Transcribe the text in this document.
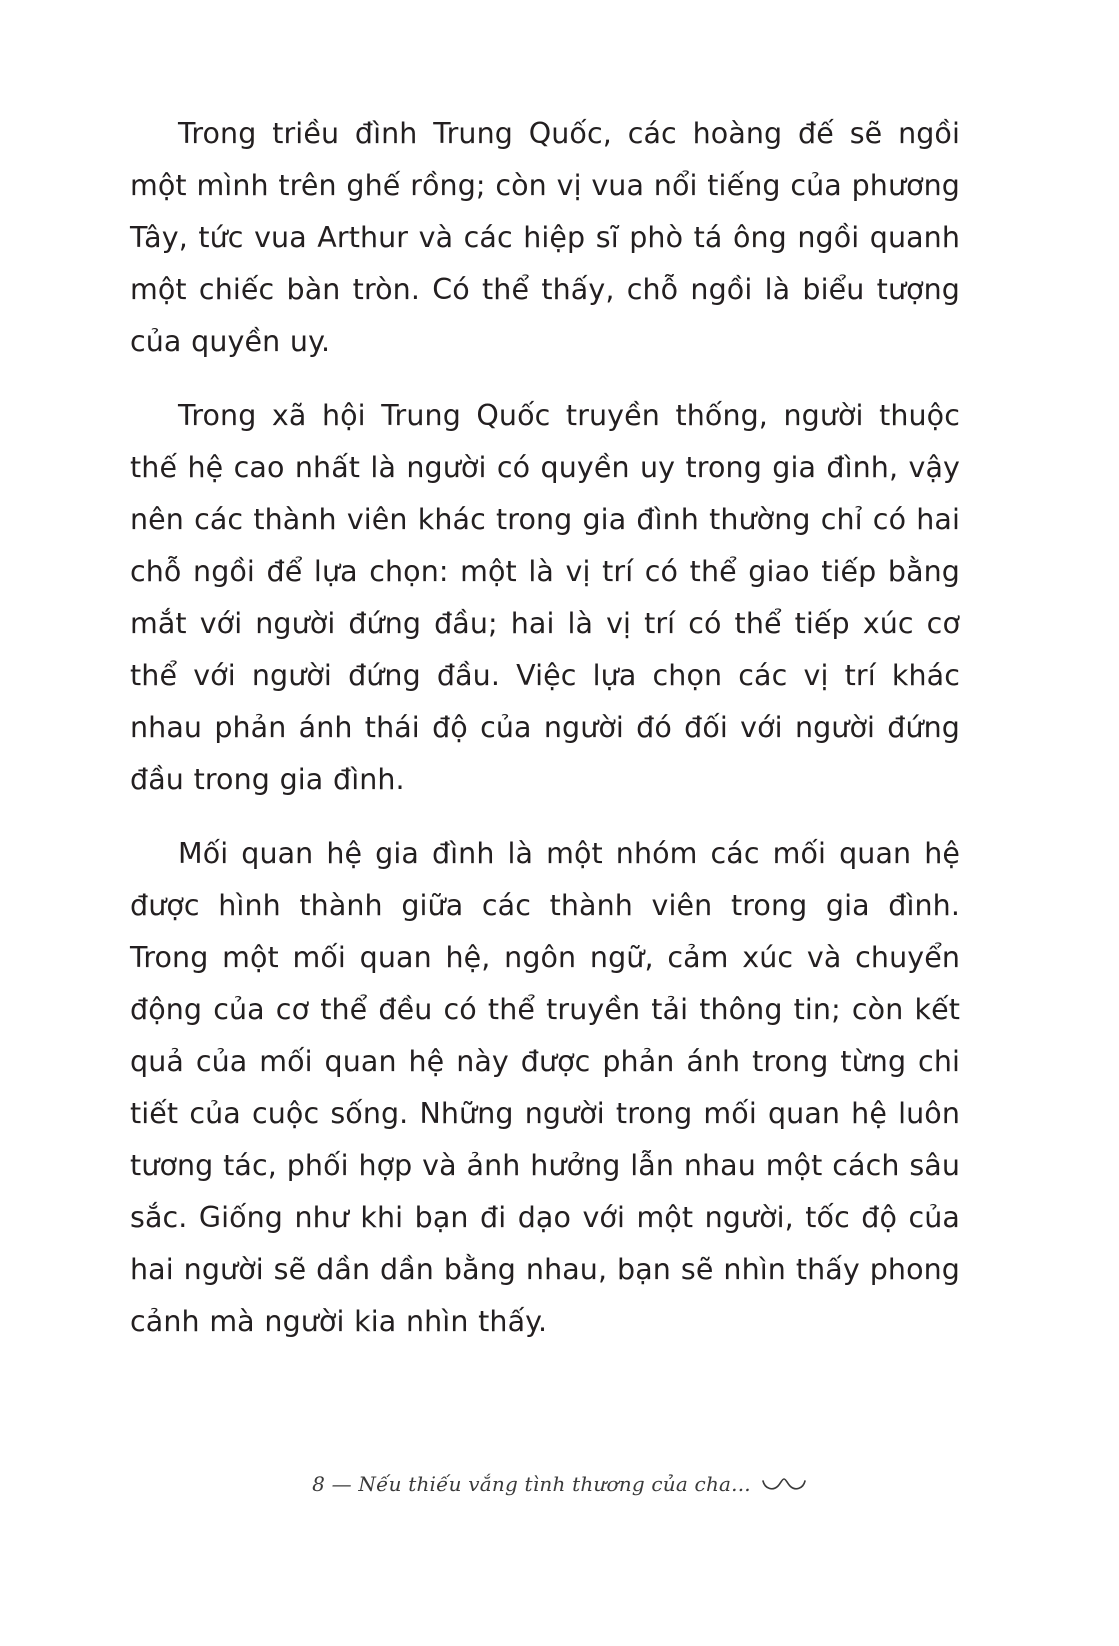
Trong triều đình Trung Quốc, các hoàng đế sẽ ngồi một mình trên ghế rồng; còn vị vua nổi tiếng của phương Tây, tức vua Arthur và các hiệp sĩ phò tá ông ngồi quanh một chiếc bàn tròn. Có thể thấy, chỗ ngồi là biểu tượng của quyền uy.

Trong xã hội Trung Quốc truyền thống, người thuộc thế hệ cao nhất là người có quyền uy trong gia đình, vậy nên các thành viên khác trong gia đình thường chỉ có hai chỗ ngồi để lựa chọn: một là vị trí có thể giao tiếp bằng mắt với người đứng đầu; hai là vị trí có thể tiếp xúc cơ thể với người đứng đầu. Việc lựa chọn các vị trí khác nhau phản ánh thái độ của người đó đối với người đứng đầu trong gia đình.

Mối quan hệ gia đình là một nhóm các mối quan hệ được hình thành giữa các thành viên trong gia đình. Trong một mối quan hệ, ngôn ngữ, cảm xúc và chuyển động của cơ thể đều có thể truyền tải thông tin; còn kết quả của mối quan hệ này được phản ánh trong từng chi tiết của cuộc sống. Những người trong mối quan hệ luôn tương tác, phối hợp và ảnh hưởng lẫn nhau một cách sâu sắc. Giống như khi bạn đi dạo với một người, tốc độ của hai người sẽ dần dần bằng nhau, bạn sẽ nhìn thấy phong cảnh mà người kia nhìn thấy.

8 — Nếu thiếu vắng tình thương của cha...
